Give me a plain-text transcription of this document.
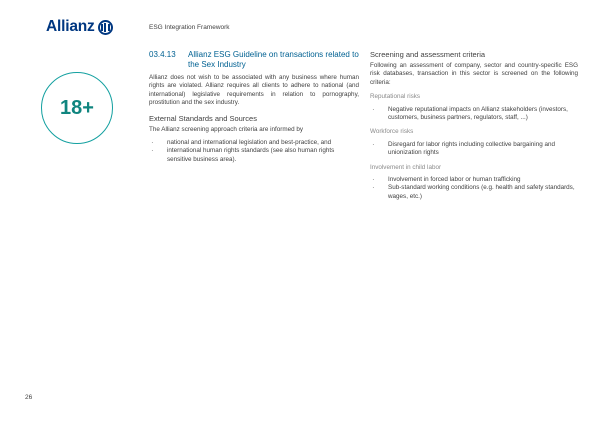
Allianz	ESG Integration Framework
18+
03.4.13	Allianz ESG Guideline on transactions related to the Sex Industry

Allianz does not wish to be associated with any business where human rights are violated. Allianz requires all clients to adhere to national (and international) legislative requirements in relation to pornography, prostitution and the sex industry.

External Standards and Sources

The Allianz screening approach criteria are informed by

· national and international legislation and best-practice, and
· international human rights standards (see also human rights sensitive business area).
Screening and assessment criteria

Following an assessment of company, sector and country-specific ESG risk databases, transaction in this sector is screened on the following criteria:

Reputational risks
· Negative reputational impacts on Allianz stakeholders (investors, customers, business partners, regulators, staff, ...)
Workforce risks
· Disregard for labor rights including collective bargaining and unionization rights
Involvement in child labor
· Involvement in forced labor or human trafficking
· Sub-standard working conditions (e.g. health and safety standards, wages, etc.)
26
